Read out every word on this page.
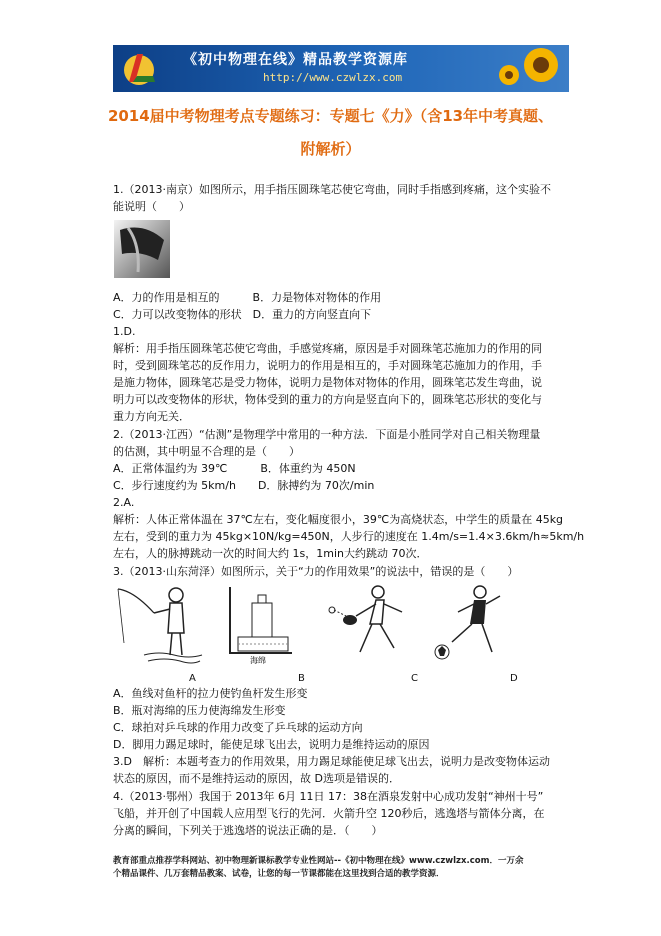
《初中物理在线》精品教学资源库
http://www.czwlzx.com
2014届中考物理考点专题练习：专题七《力》（含13年中考真题、
附解析）
1.（2013·南京）如图所示，用手指压圆珠笔芯使它弯曲，同时手指感到疼痛，这个实验不
能说明（　　）
A．力的作用是相互的　　　B．力是物体对物体的作用
C．力可以改变物体的形状　D．重力的方向竖直向下
1.D.
解析：用手指压圆珠笔芯使它弯曲，手感觉疼痛，原因是手对圆珠笔芯施加力的作用的同
时，受到圆珠笔芯的反作用力，说明力的作用是相互的，手对圆珠笔芯施加力的作用，手
是施力物体，圆珠笔芯是受力物体，说明力是物体对物体的作用，圆珠笔芯发生弯曲，说
明力可以改变物体的形状，物体受到的重力的方向是竖直向下的，圆珠笔芯形状的变化与
重力方向无关．
2.（2013·江西）“估测”是物理学中常用的一种方法．下面是小胜同学对自己相关物理量
的估测，其中明显不合理的是（　　）
A．正常体温约为 39℃　　　B．体重约为 450N
C．步行速度约为 5km/h　　D．脉搏约为 70次/min
2.A.
解析：人体正常体温在 37℃左右，变化幅度很小，39℃为高烧状态，中学生的质量在 45kg
左右，受到的重力为 45kg×10N/kg=450N，人步行的速度在 1.4m/s=1.4×3.6km/h≈5km/h
左右，人的脉搏跳动一次的时间大约 1s，1min大约跳动 70次．
3.（2013·山东菏泽）如图所示，关于“力的作用效果”的说法中，错误的是（　　）
海绵
A	B	C	D
A．鱼线对鱼杆的拉力使钓鱼杆发生形变
B．瓶对海绵的压力使海绵发生形变
C．球拍对乒乓球的作用力改变了乒乓球的运动方向
D．脚用力踢足球时，能使足球飞出去，说明力是维持运动的原因
3.D　解析：本题考查力的作用效果，用力踢足球能使足球飞出去，说明力是改变物体运动
状态的原因，而不是维持运动的原因，故 D选项是错误的．
4.（2013·鄂州）我国于 2013年 6月 11日 17：38在酒泉发射中心成功发射“神州十号”
飞船，并开创了中国载人应用型飞行的先河．火箭升空 120秒后，逃逸塔与箭体分离，在
分离的瞬间，下列关于逃逸塔的说法正确的是．（　　）
教育部重点推荐学科网站、初中物理新课标教学专业性网站--《初中物理在线》www.czwlzx.com．一万余
个精品课件、几万套精品教案、试卷，让您的每一节课都能在这里找到合适的教学资源．
